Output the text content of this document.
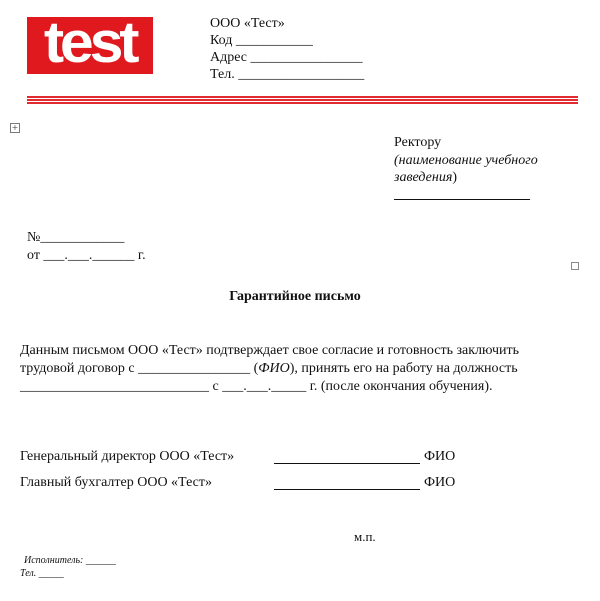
test	ООО «Тест»
Код ___________
Адрес ________________
Тел. __________________
+
Ректору
(наименование учебного
заведения)
№____________
от ___.___.______ г.
Гарантийное письмо
Данным письмом ООО «Тест» подтверждает свое согласие и готовность заключить трудовой договор с ________________ (ФИО), принять его на работу на должность ___________________________ с ___.___._____ г. (после окончания обучения).
Генеральный директор ООО «Тест»	ФИО
Главный бухгалтер ООО «Тест»	ФИО
м.п.
Исполнитель: ______
Тел. _____
